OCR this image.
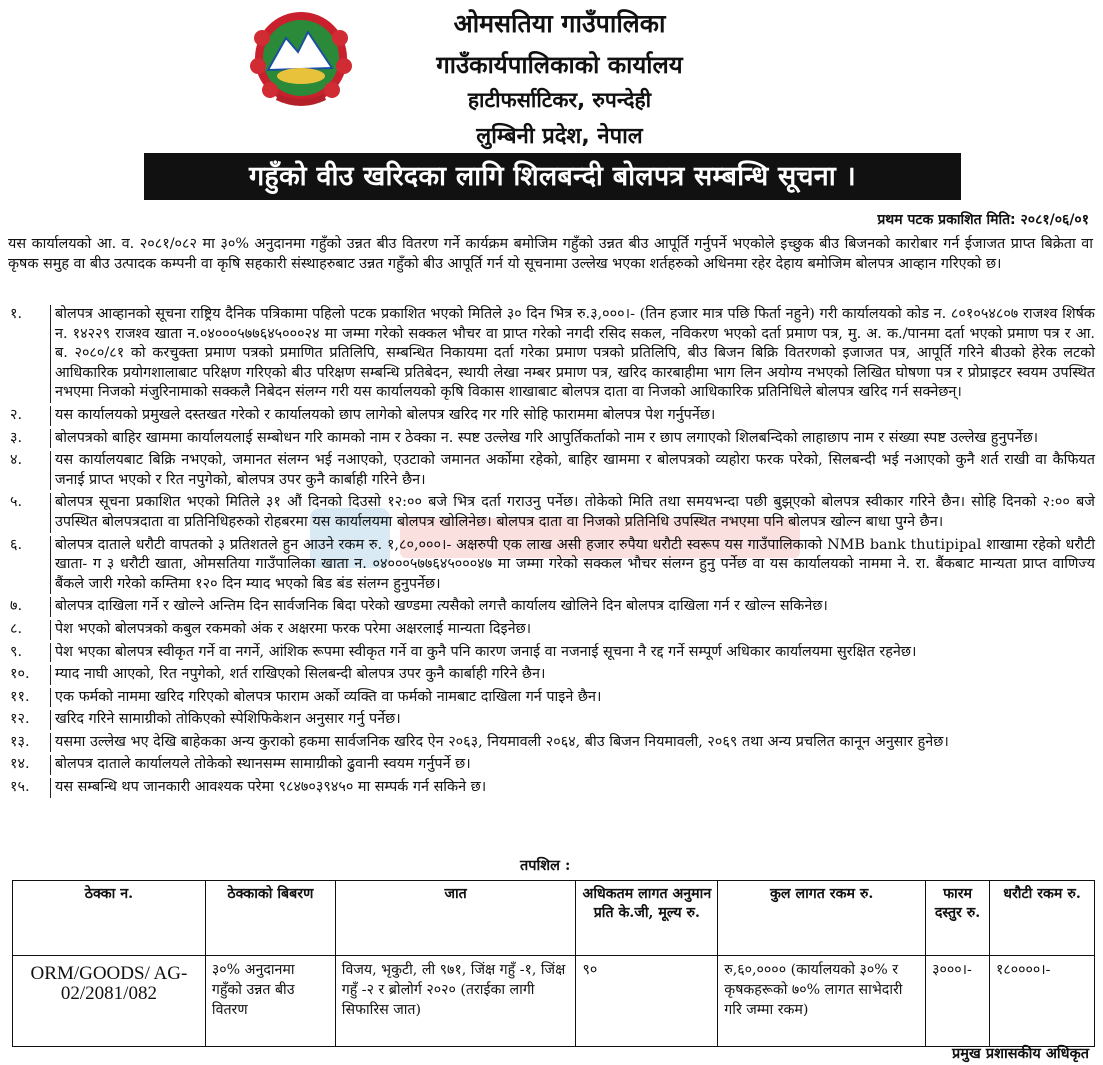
ओमसतिया गाउँपालिका
गाउँकार्यपालिकाको कार्यालय
हाटीफर्साटिकर, रुपन्देही
लुम्बिनी प्रदेश, नेपाल
गहुँको वीउ खरिदका लागि शिलबन्दी बोलपत्र सम्बन्धि सूचना ।
प्रथम पटक प्रकाशित मिति: २०८१/०६/०१
यस कार्यालयको आ. व. २०८१/०८२ मा ३०% अनुदानमा गहुँको उन्नत बीउ वितरण गर्ने कार्यक्रम बमोजिम गहुँको उन्नत बीउ आपूर्ति गर्नुपर्ने भएकोले इच्छुक बीउ बिजनको कारोबार गर्न ईजाजत प्राप्त बिक्रेता वा कृषक समुह वा बीउ उत्पादक कम्पनी वा कृषि सहकारी संस्थाहरुबाट उन्नत गहुँको बीउ आपूर्ति गर्न यो सूचनामा उल्लेख भएका शर्तहरुको अधिनमा रहेर देहाय बमोजिम बोलपत्र आव्हान गरिएको छ।
१.	बोलपत्र आव्हानको सूचना राष्ट्रिय दैनिक पत्रिकामा पहिलो पटक प्रकाशित भएको मितिले ३० दिन भित्र रु.३,०००।- (तिन हजार मात्र पछि फिर्ता नहुने) गरी कार्यालयको कोड न. ८०१०५४८०७ राजश्व शिर्षक न. १४२२९ राजश्व खाता न.०४०००५७७६४५०००२४ मा जम्मा गरेको सक्कल भौचर वा प्राप्त गरेको नगदी रसिद सकल, नविकरण भएको दर्ता प्रमाण पत्र, मु. अ. क./पानमा दर्ता भएको प्रमाण पत्र र आ. ब. २०८०/८१ को करचुक्ता प्रमाण पत्रको प्रमाणित प्रतिलिपि, सम्बन्धित निकायमा दर्ता गरेका प्रमाण पत्रको प्रतिलिपि, बीउ बिजन बिक्रि वितरणको इजाजत पत्र, आपूर्ति गरिने बीउको हेरेक लटको आधिकारिक प्रयोगशालाबाट परिक्षण गरिएको बीउ परिक्षण सम्बन्धि प्रतिबेदन, स्थायी लेखा नम्बर प्रमाण पत्र, खरिद कारबाहीमा भाग लिन अयोग्य नभएको लिखित घोषणा पत्र र प्रोप्राइटर स्वयम उपस्थित नभएमा निजको मंजुरिनामाको सक्कलै निबेदन संलग्न गरी यस कार्यालयको कृषि विकास शाखाबाट बोलपत्र दाता वा निजको आधिकारिक प्रतिनिधिले बोलपत्र खरिद गर्न सक्नेछन्।
२.	यस कार्यालयको प्रमुखले दस्तखत गरेको र कार्यालयको छाप लागेको बोलपत्र खरिद गर गरि सोहि फाराममा बोलपत्र पेश गर्नुपर्नेछ।
३.	बोलपत्रको बाहिर खाममा कार्यालयलाई सम्बोधन गरि कामको नाम र ठेक्का न. स्पष्ट उल्लेख गरि आपुर्तिकर्ताको नाम र छाप लगाएको शिलबन्दिको लाहाछाप नाम र संख्या स्पष्ट उल्लेख हुनुपर्नेछ।
४.	यस कार्यालयबाट बिक्रि नभएको, जमानत संलग्न भई नआएको, एउटाको जमानत अर्कोमा रहेको, बाहिर खाममा र बोलपत्रको व्यहोरा फरक परेको, सिलबन्दी भई नआएको कुनै शर्त राखी वा कैफियत जनाई प्राप्त भएको र रित नपुगेको, बोलपत्र उपर कुनै कार्बाही गरिने छैन।
५.	बोलपत्र सूचना प्रकाशित भएको मितिले ३१ औं दिनको दिउसो १२:०० बजे भित्र दर्ता गराउनु पर्नेछ। तोकेको मिति तथा समयभन्दा पछी बुझ्एको बोलपत्र स्वीकार गरिने छैन। सोहि दिनको २:०० बजे उपस्थित बोलपत्रदाता वा प्रतिनिधिहरुको रोहबरमा यस कार्यालयमा बोलपत्र खोलिनेछ। बोलपत्र दाता वा निजको प्रतिनिधि उपस्थित नभएमा पनि बोलपत्र खोल्न बाधा पुग्ने छैन।
६.	बोलपत्र दाताले धरौटी वापतको ३ प्रतिशतले हुन आउने रकम रु. १,८०,०००।- अक्षरुपी एक लाख असी हजार रुपैया धरौटी स्वरूप यस गाउँपालिकाको NMB bank thutipipal शाखामा रहेको धरौटी खाता- ग ३ धरौटी खाता, ओमसतिया गाउँपालिका खाता न. ०४०००५७७६४५०००४७ मा जम्मा गरेको सक्कल भौचर संलग्न हुनु पर्नेछ वा यस कार्यालयको नाममा ने. रा. बैंकबाट मान्यता प्राप्त वाणिज्य बैंकले जारी गरेको कम्तिमा १२० दिन म्याद भएको बिड बंड संलग्न हुनुपर्नेछ।
७.	बोलपत्र दाखिला गर्ने र खोल्ने अन्तिम दिन सार्वजनिक बिदा परेको खण्डमा त्यसैको लगत्तै कार्यालय खोलिने दिन बोलपत्र दाखिला गर्न र खोल्न सकिनेछ।
८.	पेश भएको बोलपत्रको कबुल रकमको अंक र अक्षरमा फरक परेमा अक्षरलाई मान्यता दिइनेछ।
९.	पेश भएका बोलपत्र स्वीकृत गर्ने वा नगर्ने, आंशिक रूपमा स्वीकृत गर्ने वा कुनै पनि कारण जनाई वा नजनाई सूचना नै रद्द गर्ने सम्पूर्ण अधिकार कार्यालयमा सुरक्षित रहनेछ।
१०.	म्याद नाघी आएको, रित नपुगेको, शर्त राखिएको सिलबन्दी बोलपत्र उपर कुनै कार्बाही गरिने छैन।
११.	एक फर्मको नाममा खरिद गरिएको बोलपत्र फाराम अर्को व्यक्ति वा फर्मको नामबाट दाखिला गर्न पाइने छैन।
१२.	खरिद गरिने सामाग्रीको तोकिएको स्पेशिफिकेशन अनुसार गर्नु पर्नेछ।
१३.	यसमा उल्लेख भए देखि बाहेकका अन्य कुराको हकमा सार्वजनिक खरिद ऐन २०६३, नियमावली २०६४, बीउ बिजन नियमावली, २०६९ तथा अन्य प्रचलित कानून अनुसार हुनेछ।
१४.	बोलपत्र दाताले कार्यालयले तोकेको स्थानसम्म सामाग्रीको ढुवानी स्वयम गर्नुपर्ने छ।
१५.	यस सम्बन्धि थप जानकारी आवश्यक परेमा ९८४७०३९४५० मा सम्पर्क गर्न सकिने छ।
तपशिल :
ठेक्का न.	ठेक्काको बिबरण	जात	अधिकतम लागत अनुमान प्रति के.जी, मूल्य रु.	कुल लागत रकम रु.	फारम दस्तुर रु.	धरौटी रकम रु.
ORM/GOODS/ AG-02/2081/082	३०% अनुदानमा गहुँको उन्नत बीउ वितरण	विजय, भृकुटी, ली ९७१, जिंक्ष गहुँ -१, जिंक्ष गहुँ -२ र ब्रोलोर्ग २०२० (तराईका लागी सिफारिस जात)	९०	रु,६०,०००० (कार्यालयको ३०% र कृषकहरूको ७०% लागत साभेदारी गरि जम्मा रकम)	३०००।-	१८००००।-
प्रमुख प्रशासकीय अधिकृत
